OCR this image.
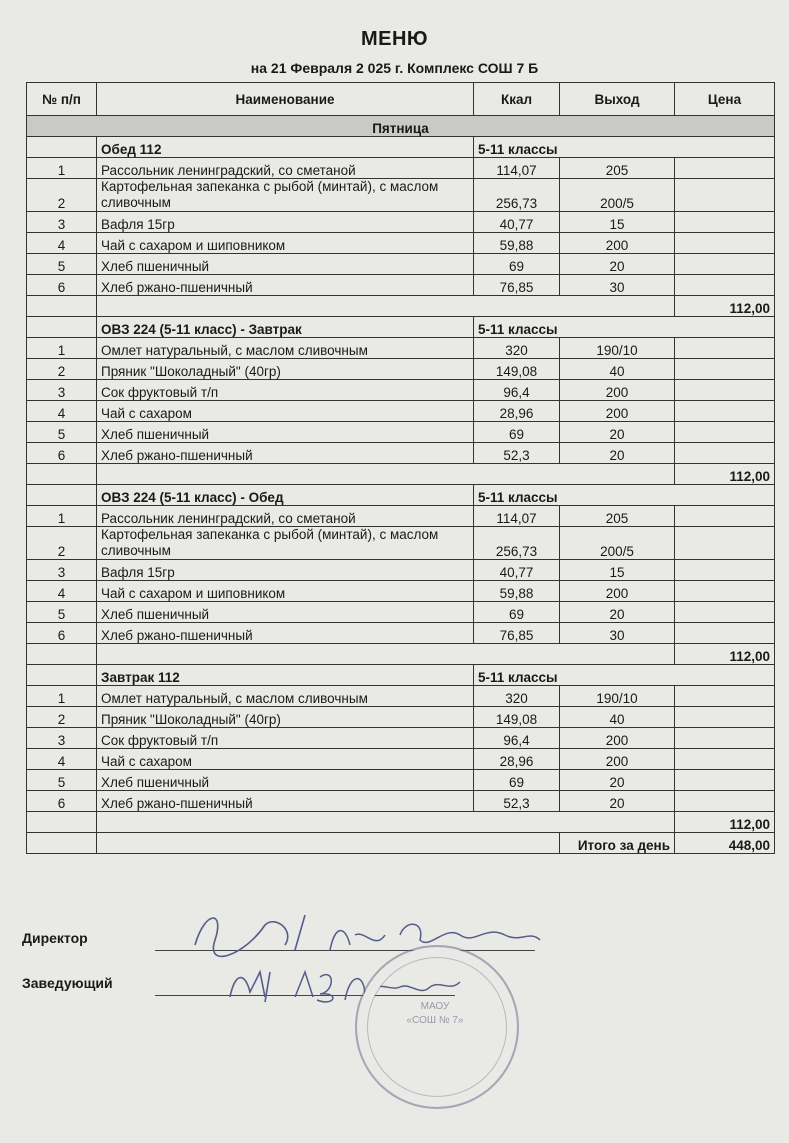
МЕНЮ
на 21 Февраля 2 025 г. Комплекс СОШ 7 Б
№ п/п	Наименование	Ккал	Выход	Цена
Пятница				
	Обед 112	5-11 классы		
1	Рассольник ленинградский, со сметаной	114,07	205	
2	Картофельная запеканка с рыбой (минтай), с маслом сливочным	256,73	200/5	
3	Вафля 15гр	40,77	15	
4	Чай с сахаром и шиповником	59,88	200	
5	Хлеб пшеничный	69	20	
6	Хлеб ржано-пшеничный	76,85	30	
				112,00
	ОВЗ 224 (5-11 класс) - Завтрак	5-11 классы		
1	Омлет натуральный, с маслом сливочным	320	190/10	
2	Пряник "Шоколадный" (40гр)	149,08	40	
3	Сок фруктовый т/п	96,4	200	
4	Чай с сахаром	28,96	200	
5	Хлеб пшеничный	69	20	
6	Хлеб ржано-пшеничный	52,3	20	
				112,00
	ОВЗ 224 (5-11 класс) - Обед	5-11 классы		
1	Рассольник ленинградский, со сметаной	114,07	205	
2	Картофельная запеканка с рыбой (минтай), с маслом сливочным	256,73	200/5	
3	Вафля 15гр	40,77	15	
4	Чай с сахаром и шиповником	59,88	200	
5	Хлеб пшеничный	69	20	
6	Хлеб ржано-пшеничный	76,85	30	
				112,00
	Завтрак 112	5-11 классы		
1	Омлет натуральный, с маслом сливочным	320	190/10	
2	Пряник "Шоколадный" (40гр)	149,08	40	
3	Сок фруктовый т/п	96,4	200	
4	Чай с сахаром	28,96	200	
5	Хлеб пшеничный	69	20	
6	Хлеб ржано-пшеничный	52,3	20	
				112,00
			Итого за день	448,00
Директор
Заведующий
МАОУ «СОШ № 7»
